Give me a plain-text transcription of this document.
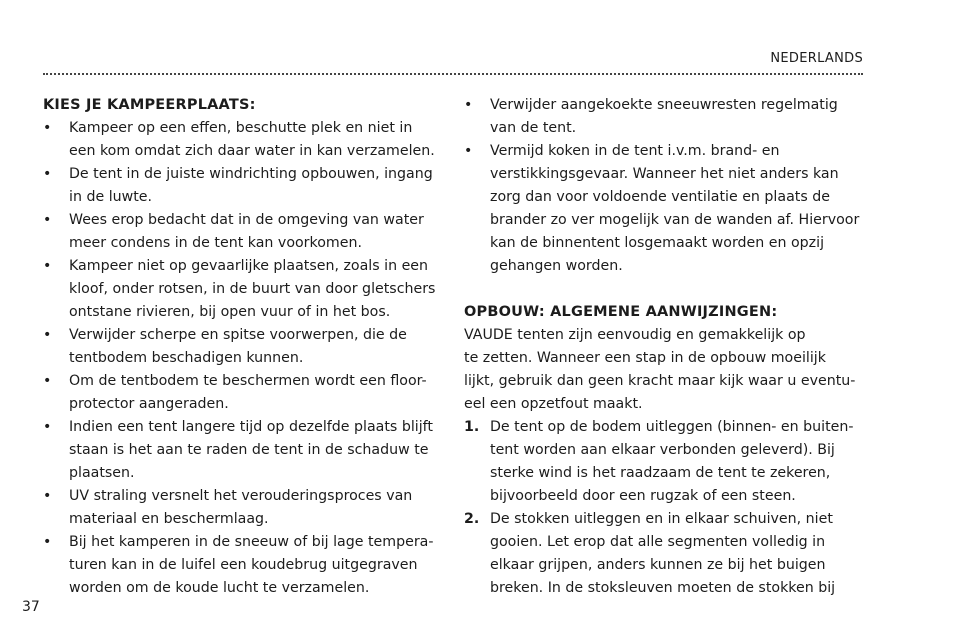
NEDERLANDS
KIES JE KAMPEERPLAATS:
•	Kampeer op een effen, beschutte plek en niet in
een kom omdat zich daar water in kan verzamelen.
•	De tent in de juiste windrichting opbouwen, ingang
in de luwte.
•	Wees erop bedacht dat in de omgeving van water
meer condens in de tent kan voorkomen.
•	Kampeer niet op gevaarlijke plaatsen, zoals in een
kloof, onder rotsen, in de buurt van door gletschers
ontstane rivieren, bij open vuur of in het bos.
•	Verwijder scherpe en spitse voorwerpen, die de
tentbodem beschadigen kunnen.
•	Om de tentbodem te beschermen wordt een floor-
protector aangeraden.
•	Indien een tent langere tijd op dezelfde plaats blijft
staan is het aan te raden de tent in de schaduw te
plaatsen.
•	UV straling versnelt het verouderingsproces van
materiaal en beschermlaag.
•	Bij het kamperen in de sneeuw of bij lage tempera-
turen kan in de luifel een koudebrug uitgegraven
worden om de koude lucht te verzamelen.
•	Verwijder aangekoekte sneeuwresten regelmatig
van de tent.
•	Vermijd koken in de tent i.v.m. brand- en
verstikkingsgevaar. Wanneer het niet anders kan
zorg dan voor voldoende ventilatie en plaats de
brander zo ver mogelijk van de wanden af. Hiervoor
kan de binnentent losgemaakt worden en opzij
gehangen worden.
OPBOUW: ALGEMENE AANWIJZINGEN:

VAUDE tenten zijn eenvoudig en gemakkelijk op
te zetten. Wanneer een stap in de opbouw moeilijk
lijkt, gebruik dan geen kracht maar kijk waar u eventu-
eel een opzetfout maakt.

1. De tent op de bodem uitleggen (binnen- en buiten-
tent worden aan elkaar verbonden geleverd). Bij
sterke wind is het raadzaam de tent te zekeren,
bijvoorbeeld door een rugzak of een steen.
2. De stokken uitleggen en in elkaar schuiven, niet
gooien. Let erop dat alle segmenten volledig in
elkaar grijpen, anders kunnen ze bij het buigen
breken. In de stoksleuven moeten de stokken bij
37
